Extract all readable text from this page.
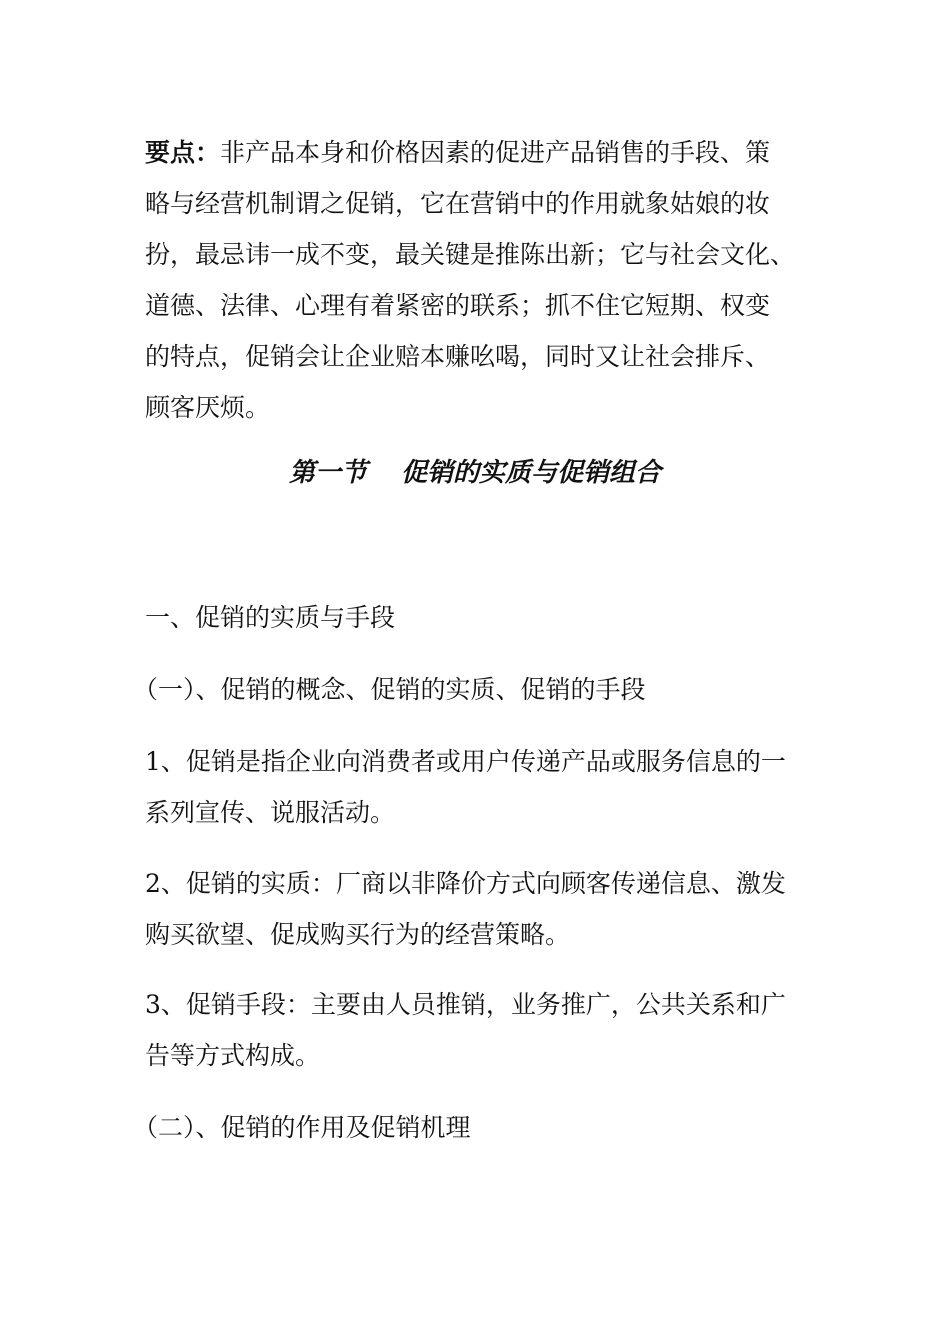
要点：非产品本身和价格因素的促进产品销售的手段、策
略与经营机制谓之促销，它在营销中的作用就象姑娘的妆
扮，最忌讳一成不变，最关键是推陈出新；它与社会文化、
道德、法律、心理有着紧密的联系；抓不住它短期、权变
的特点，促销会让企业赔本赚吆喝，同时又让社会排斥、
顾客厌烦。
第一节 促销的实质与促销组合
一、促销的实质与手段
（一）、促销的概念、促销的实质、促销的手段
1、促销是指企业向消费者或用户传递产品或服务信息的一
系列宣传、说服活动。
2、促销的实质：厂商以非降价方式向顾客传递信息、激发
购买欲望、促成购买行为的经营策略。
3、促销手段：主要由人员推销，业务推广，公共关系和广
告等方式构成。
（二）、促销的作用及促销机理
